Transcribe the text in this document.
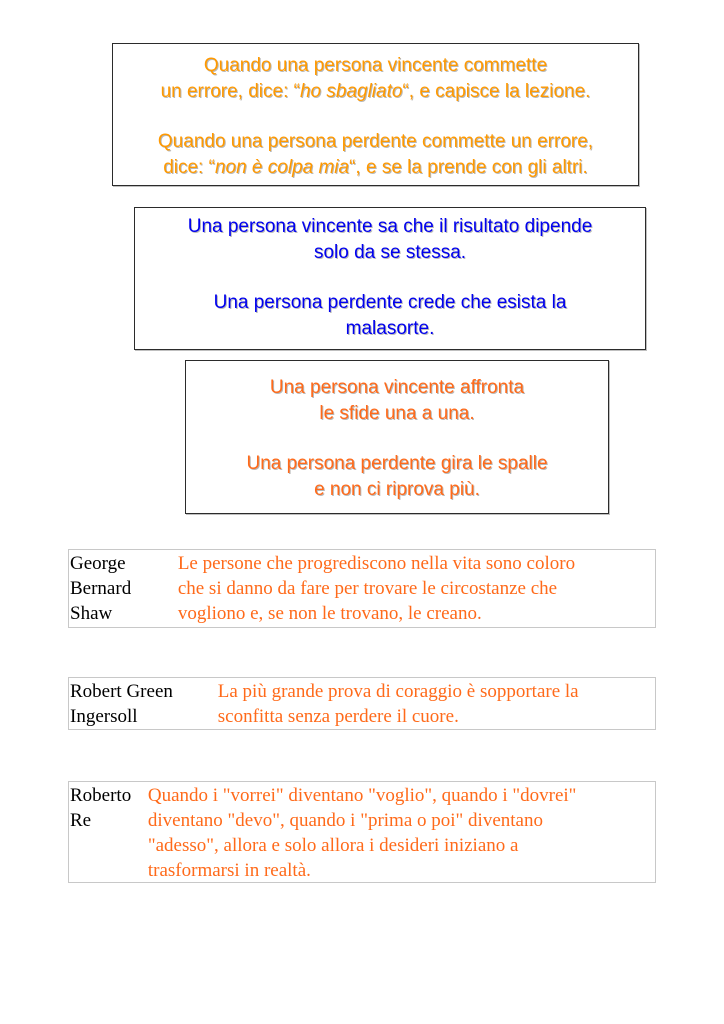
Quando una persona vincente commette

un errore, dice: “ho sbagliato“, e capisce la lezione.

Quando una persona perdente commette un errore,

dice: “non è colpa mia“, e se la prende con gli altri.

Una persona vincente sa che il risultato dipende

solo da se stessa.

Una persona perdente crede che esista la

malasorte.

Una persona vincente affronta

le sfide una a una.

Una persona perdente gira le spalle

e non ci riprova più.

George
Bernard
Shaw
Le persone che progrediscono nella vita sono coloro
che si danno da fare per trovare le circostanze che
vogliono e, se non le trovano, le creano.
Robert Green
Ingersoll
La più grande prova di coraggio è sopportare la
sconfitta senza perdere il cuore.
Roberto
Re
Quando i "vorrei" diventano "voglio", quando i "dovrei"
diventano "devo", quando i "prima o poi" diventano
"adesso", allora e solo allora i desideri iniziano a
trasformarsi in realtà.
